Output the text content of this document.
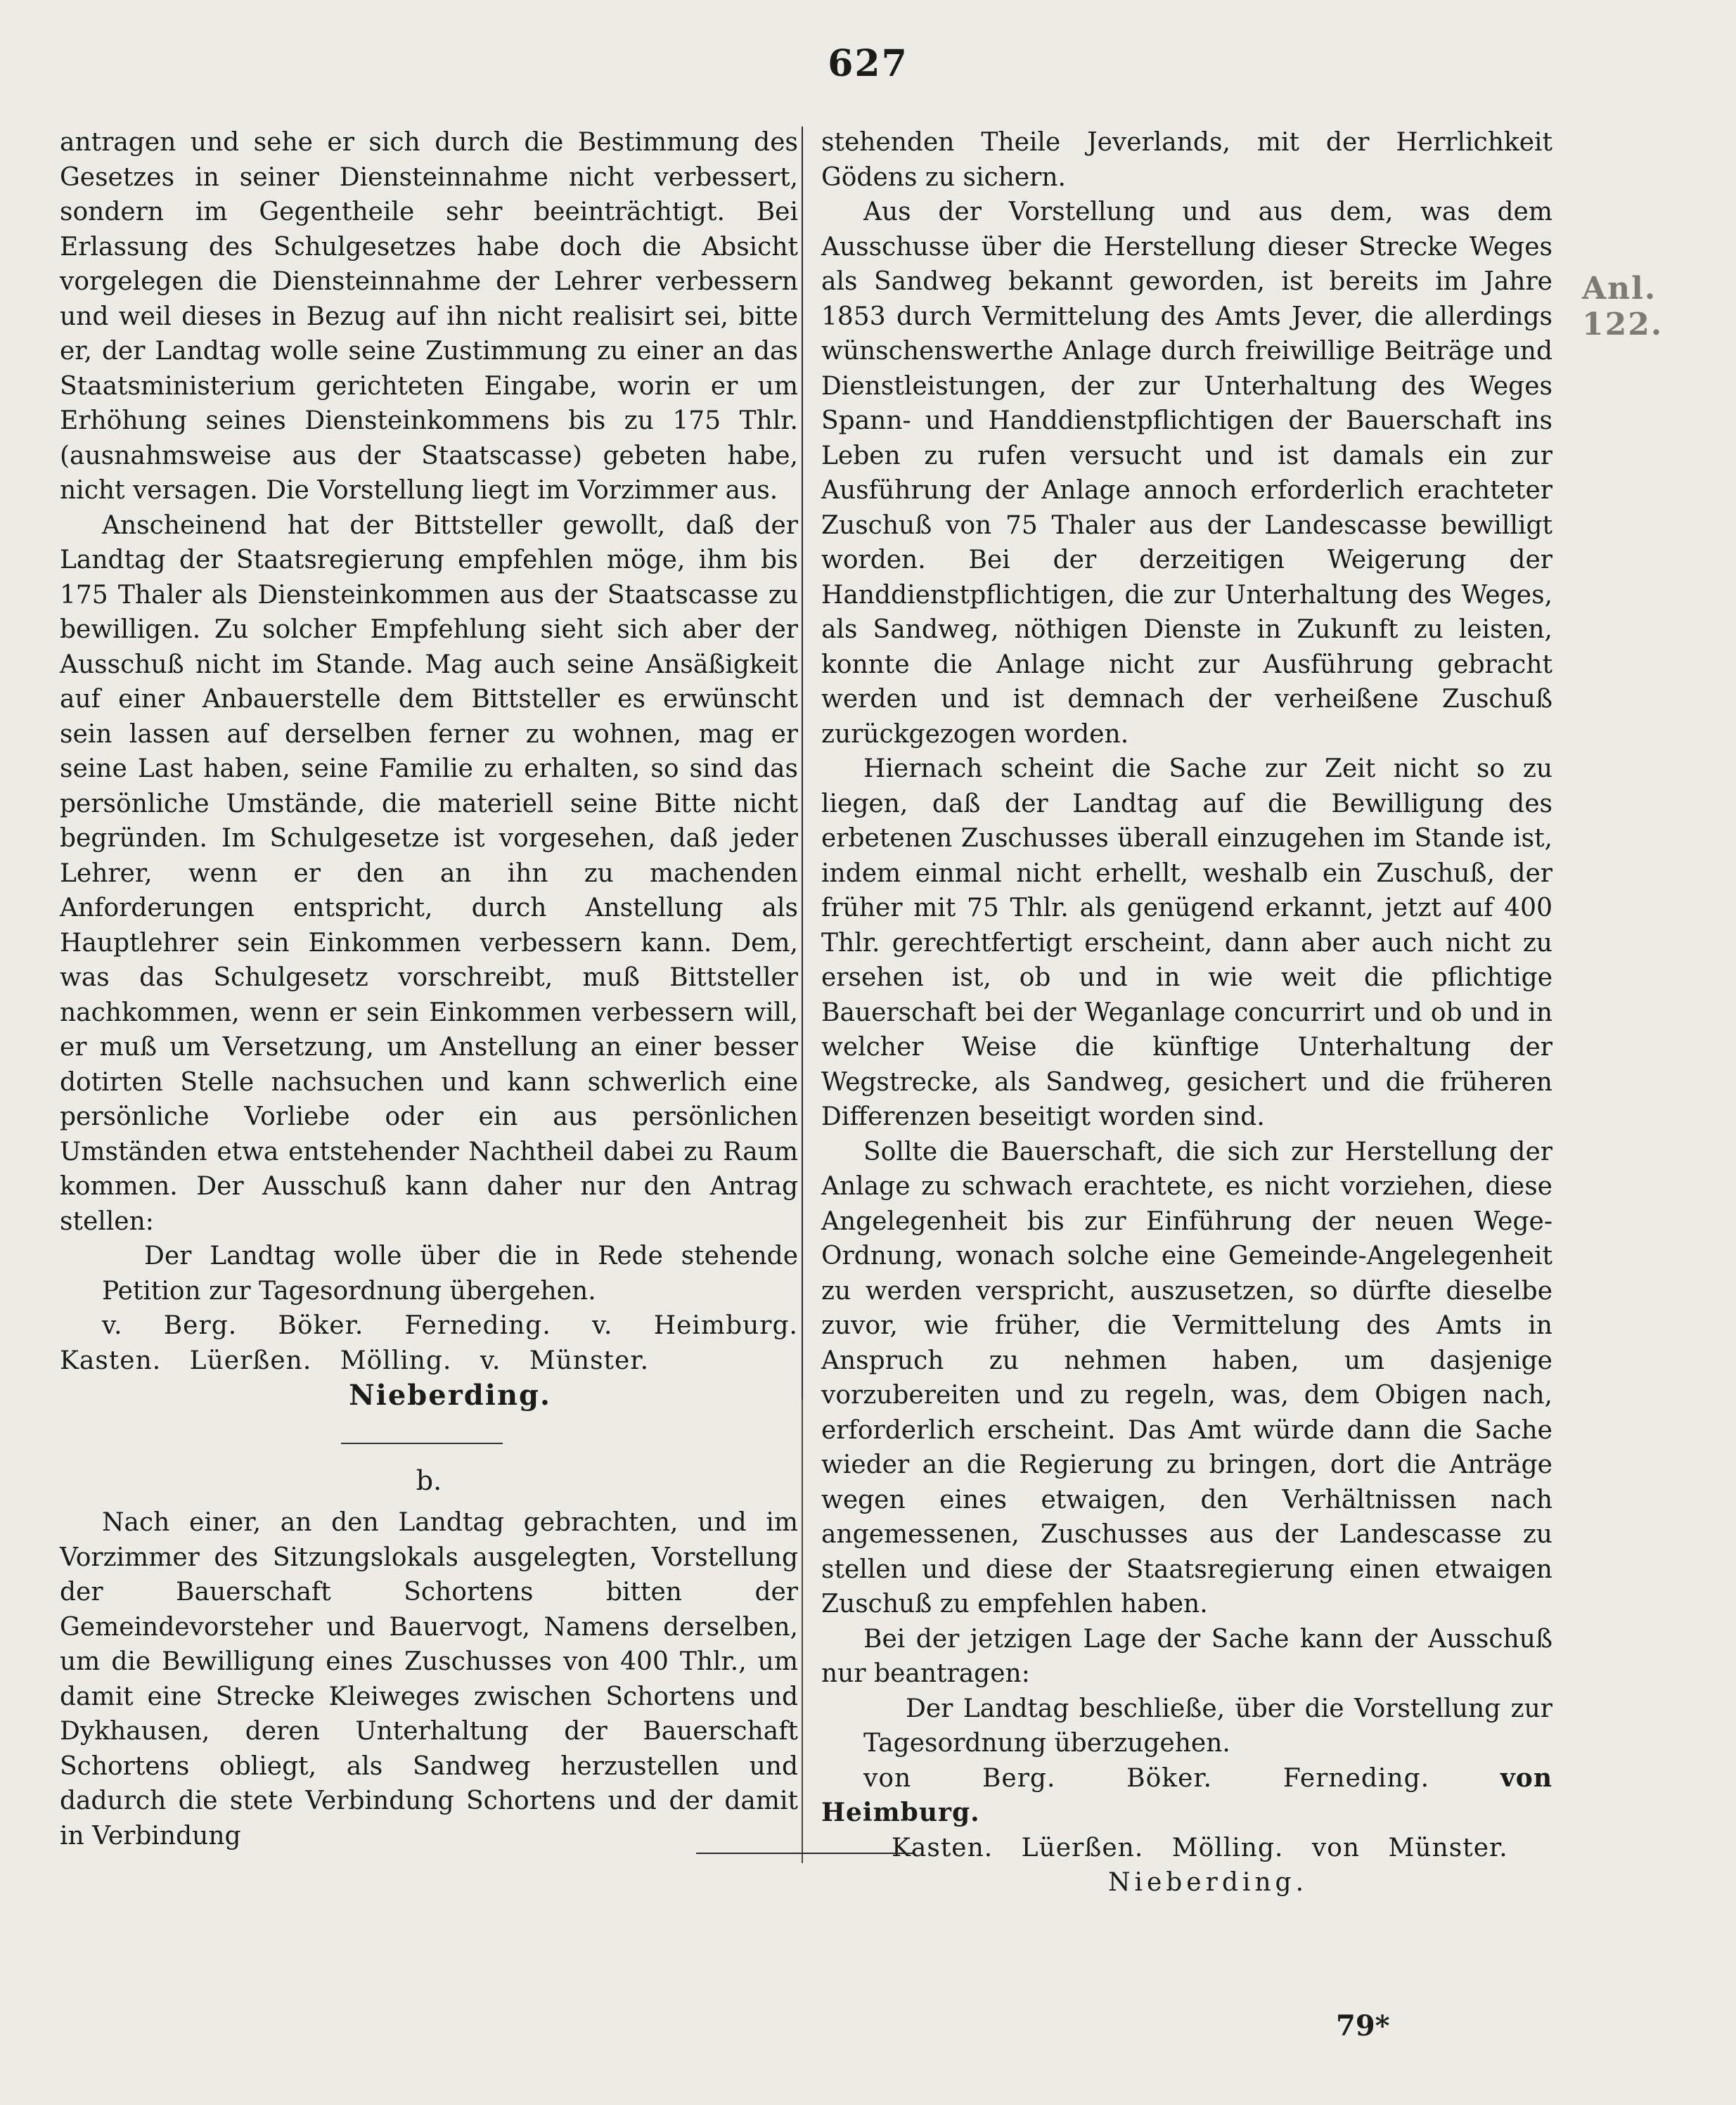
627
Anl. 122.

antragen und sehe er sich durch die Bestimmung des Gesetzes in seiner Diensteinnahme nicht verbessert, sondern im Gegentheile sehr beeinträchtigt. Bei Erlassung des Schulgesetzes habe doch die Absicht vorgelegen die Diensteinnahme der Lehrer verbessern und weil dieses in Bezug auf ihn nicht realisirt sei, bitte er, der Landtag wolle seine Zustimmung zu einer an das Staatsministerium gerichteten Eingabe, worin er um Erhöhung seines Diensteinkommens bis zu 175 Thlr. (ausnahmsweise aus der Staatscasse) gebeten habe, nicht versagen. Die Vorstellung liegt im Vorzimmer aus.

Anscheinend hat der Bittsteller gewollt, daß der Landtag der Staatsregierung empfehlen möge, ihm bis 175 Thaler als Diensteinkommen aus der Staatscasse zu bewilligen. Zu solcher Empfehlung sieht sich aber der Ausschuß nicht im Stande. Mag auch seine Ansäßigkeit auf einer Anbauerstelle dem Bittsteller es erwünscht sein lassen auf derselben ferner zu wohnen, mag er seine Last haben, seine Familie zu erhalten, so sind das persönliche Umstände, die materiell seine Bitte nicht begründen. Im Schulgesetze ist vorgesehen, daß jeder Lehrer, wenn er den an ihn zu machenden Anforderungen entspricht, durch Anstellung als Hauptlehrer sein Einkommen verbessern kann. Dem, was das Schulgesetz vorschreibt, muß Bittsteller nachkommen, wenn er sein Einkommen verbessern will, er muß um Versetzung, um Anstellung an einer besser dotirten Stelle nachsuchen und kann schwerlich eine persönliche Vorliebe oder ein aus persönlichen Umständen etwa entstehender Nachtheil dabei zu Raum kommen. Der Ausschuß kann daher nur den Antrag stellen:

Der Landtag wolle über die in Rede stehende Petition zur Tagesordnung übergehen.

v. Berg. Böker. Ferneding. v. Heimburg. Kasten. Lüerßen. Mölling. v. Münster.

Nieberding.

b.

Nach einer, an den Landtag gebrachten, und im Vorzimmer des Sitzungslokals ausgelegten, Vorstellung der Bauerschaft Schortens bitten der Gemeindevorsteher und Bauervogt, Namens derselben, um die Bewilligung eines Zuschusses von 400 Thlr., um damit eine Strecke Kleiweges zwischen Schortens und Dykhausen, deren Unterhaltung der Bauerschaft Schortens obliegt, als Sandweg herzustellen und dadurch die stete Verbindung Schortens und der damit in Verbindung

stehenden Theile Jeverlands, mit der Herrlichkeit Gödens zu sichern.

Aus der Vorstellung und aus dem, was dem Ausschusse über die Herstellung dieser Strecke Weges als Sandweg bekannt geworden, ist bereits im Jahre 1853 durch Vermittelung des Amts Jever, die allerdings wünschenswerthe Anlage durch freiwillige Beiträge und Dienstleistungen, der zur Unterhaltung des Weges Spann- und Handdienstpflichtigen der Bauerschaft ins Leben zu rufen versucht und ist damals ein zur Ausführung der Anlage annoch erforderlich erachteter Zuschuß von 75 Thaler aus der Landescasse bewilligt worden. Bei der derzeitigen Weigerung der Handdienstpflichtigen, die zur Unterhaltung des Weges, als Sandweg, nöthigen Dienste in Zukunft zu leisten, konnte die Anlage nicht zur Ausführung gebracht werden und ist demnach der verheißene Zuschuß zurückgezogen worden.

Hiernach scheint die Sache zur Zeit nicht so zu liegen, daß der Landtag auf die Bewilligung des erbetenen Zuschusses überall einzugehen im Stande ist, indem einmal nicht erhellt, weshalb ein Zuschuß, der früher mit 75 Thlr. als genügend erkannt, jetzt auf 400 Thlr. gerechtfertigt erscheint, dann aber auch nicht zu ersehen ist, ob und in wie weit die pflichtige Bauerschaft bei der Weganlage concurrirt und ob und in welcher Weise die künftige Unterhaltung der Wegstrecke, als Sandweg, gesichert und die früheren Differenzen beseitigt worden sind.

Sollte die Bauerschaft, die sich zur Herstellung der Anlage zu schwach erachtete, es nicht vorziehen, diese Angelegenheit bis zur Einführung der neuen Wege-Ordnung, wonach solche eine Gemeinde-Angelegenheit zu werden verspricht, auszusetzen, so dürfte dieselbe zuvor, wie früher, die Vermittelung des Amts in Anspruch zu nehmen haben, um dasjenige vorzubereiten und zu regeln, was, dem Obigen nach, erforderlich erscheint. Das Amt würde dann die Sache wieder an die Regierung zu bringen, dort die Anträge wegen eines etwaigen, den Verhältnissen nach angemessenen, Zuschusses aus der Landescasse zu stellen und diese der Staatsregierung einen etwaigen Zuschuß zu empfehlen haben.

Bei der jetzigen Lage der Sache kann der Ausschuß nur beantragen:

Der Landtag beschließe, über die Vorstellung zur Tagesordnung überzugehen.

von Berg. Böker. Ferneding.	von Heimburg.

Kasten. Lüerßen. Mölling. von Münster.

Nieberding.

79*
